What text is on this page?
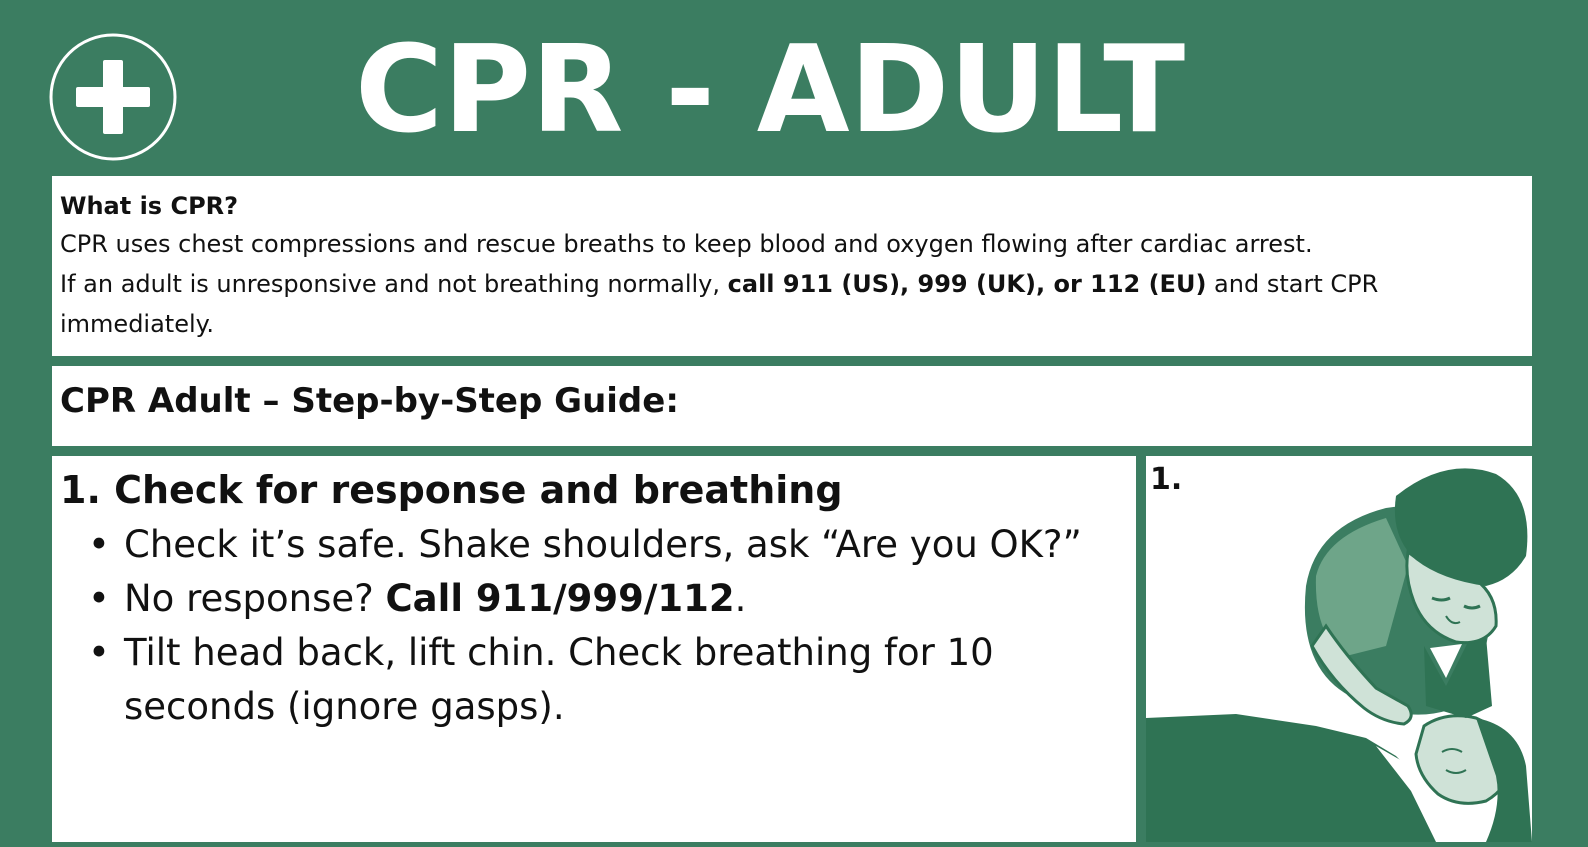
CPR - ADULT

What is CPR?

CPR uses chest compressions and rescue breaths to keep blood and oxygen flowing after cardiac arrest.

If an adult is unresponsive and not breathing normally, call 911 (US), 999 (UK), or 112 (EU) and start CPR immediately.

CPR Adult – Step-by-Step Guide:
1. Check for response and breathing
• Check it’s safe. Shake shoulders, ask “Are you OK?”
• No response? Call 911/999/112.
• Tilt head back, lift chin. Check breathing for 10 seconds (ignore gasps).

1.
